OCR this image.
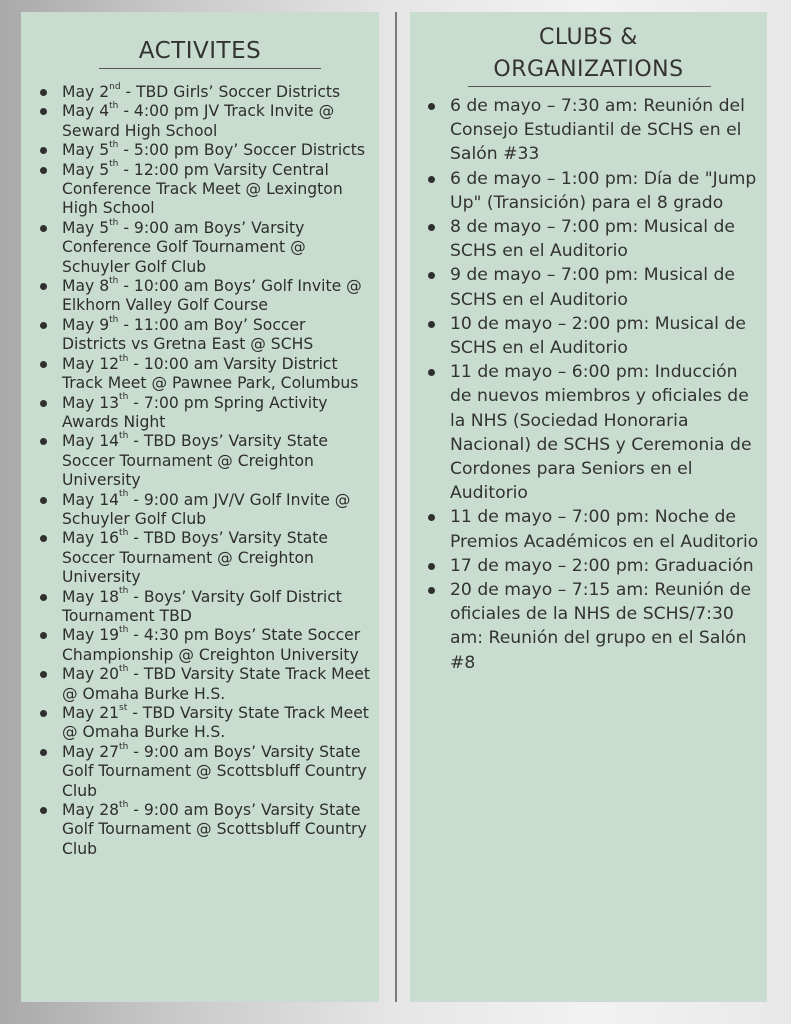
ACTIVITES
May 2nd - TBD Girls’ Soccer Districts
May 4th - 4:00 pm JV Track Invite @ Seward High School
May 5th - 5:00 pm Boy’ Soccer Districts
May 5th - 12:00 pm Varsity Central Conference Track Meet @ Lexington High School
May 5th - 9:00 am Boys’ Varsity Conference Golf Tournament @ Schuyler Golf Club
May 8th - 10:00 am Boys’ Golf Invite @ Elkhorn Valley Golf Course
May 9th - 11:00 am Boy’ Soccer Districts vs Gretna East @ SCHS
May 12th - 10:00 am Varsity District Track Meet @ Pawnee Park, Columbus
May 13th - 7:00 pm Spring Activity Awards Night
May 14th - TBD Boys’ Varsity State Soccer Tournament @ Creighton University
May 14th - 9:00 am JV/V Golf Invite @ Schuyler Golf Club
May 16th - TBD Boys’ Varsity State Soccer Tournament @ Creighton University
May 18th - Boys’ Varsity Golf District Tournament TBD
May 19th - 4:30 pm Boys’ State Soccer Championship @ Creighton University
May 20th - TBD Varsity State Track Meet @ Omaha Burke H.S.
May 21st - TBD Varsity State Track Meet @ Omaha Burke H.S.
May 27th - 9:00 am Boys’ Varsity State Golf Tournament @ Scottsbluff Country Club
May 28th - 9:00 am Boys’ Varsity State Golf Tournament @ Scottsbluff Country Club
CLUBS &
ORGANIZATIONS
6 de mayo – 7:30 am: Reunión del Consejo Estudiantil de SCHS en el Salón #33
6 de mayo – 1:00 pm: Día de "Jump Up" (Transición) para el 8 grado
8 de mayo – 7:00 pm: Musical de SCHS en el Auditorio
9 de mayo – 7:00 pm: Musical de SCHS en el Auditorio
10 de mayo – 2:00 pm: Musical de SCHS en el Auditorio
11 de mayo – 6:00 pm: Inducción de nuevos miembros y oficiales de la NHS (Sociedad Honoraria Nacional) de SCHS y Ceremonia de Cordones para Seniors en el Auditorio
11 de mayo – 7:00 pm: Noche de Premios Académicos en el Auditorio
17 de mayo – 2:00 pm: Graduación
20 de mayo – 7:15 am: Reunión de oficiales de la NHS de SCHS/7:30 am: Reunión del grupo en el Salón #8
